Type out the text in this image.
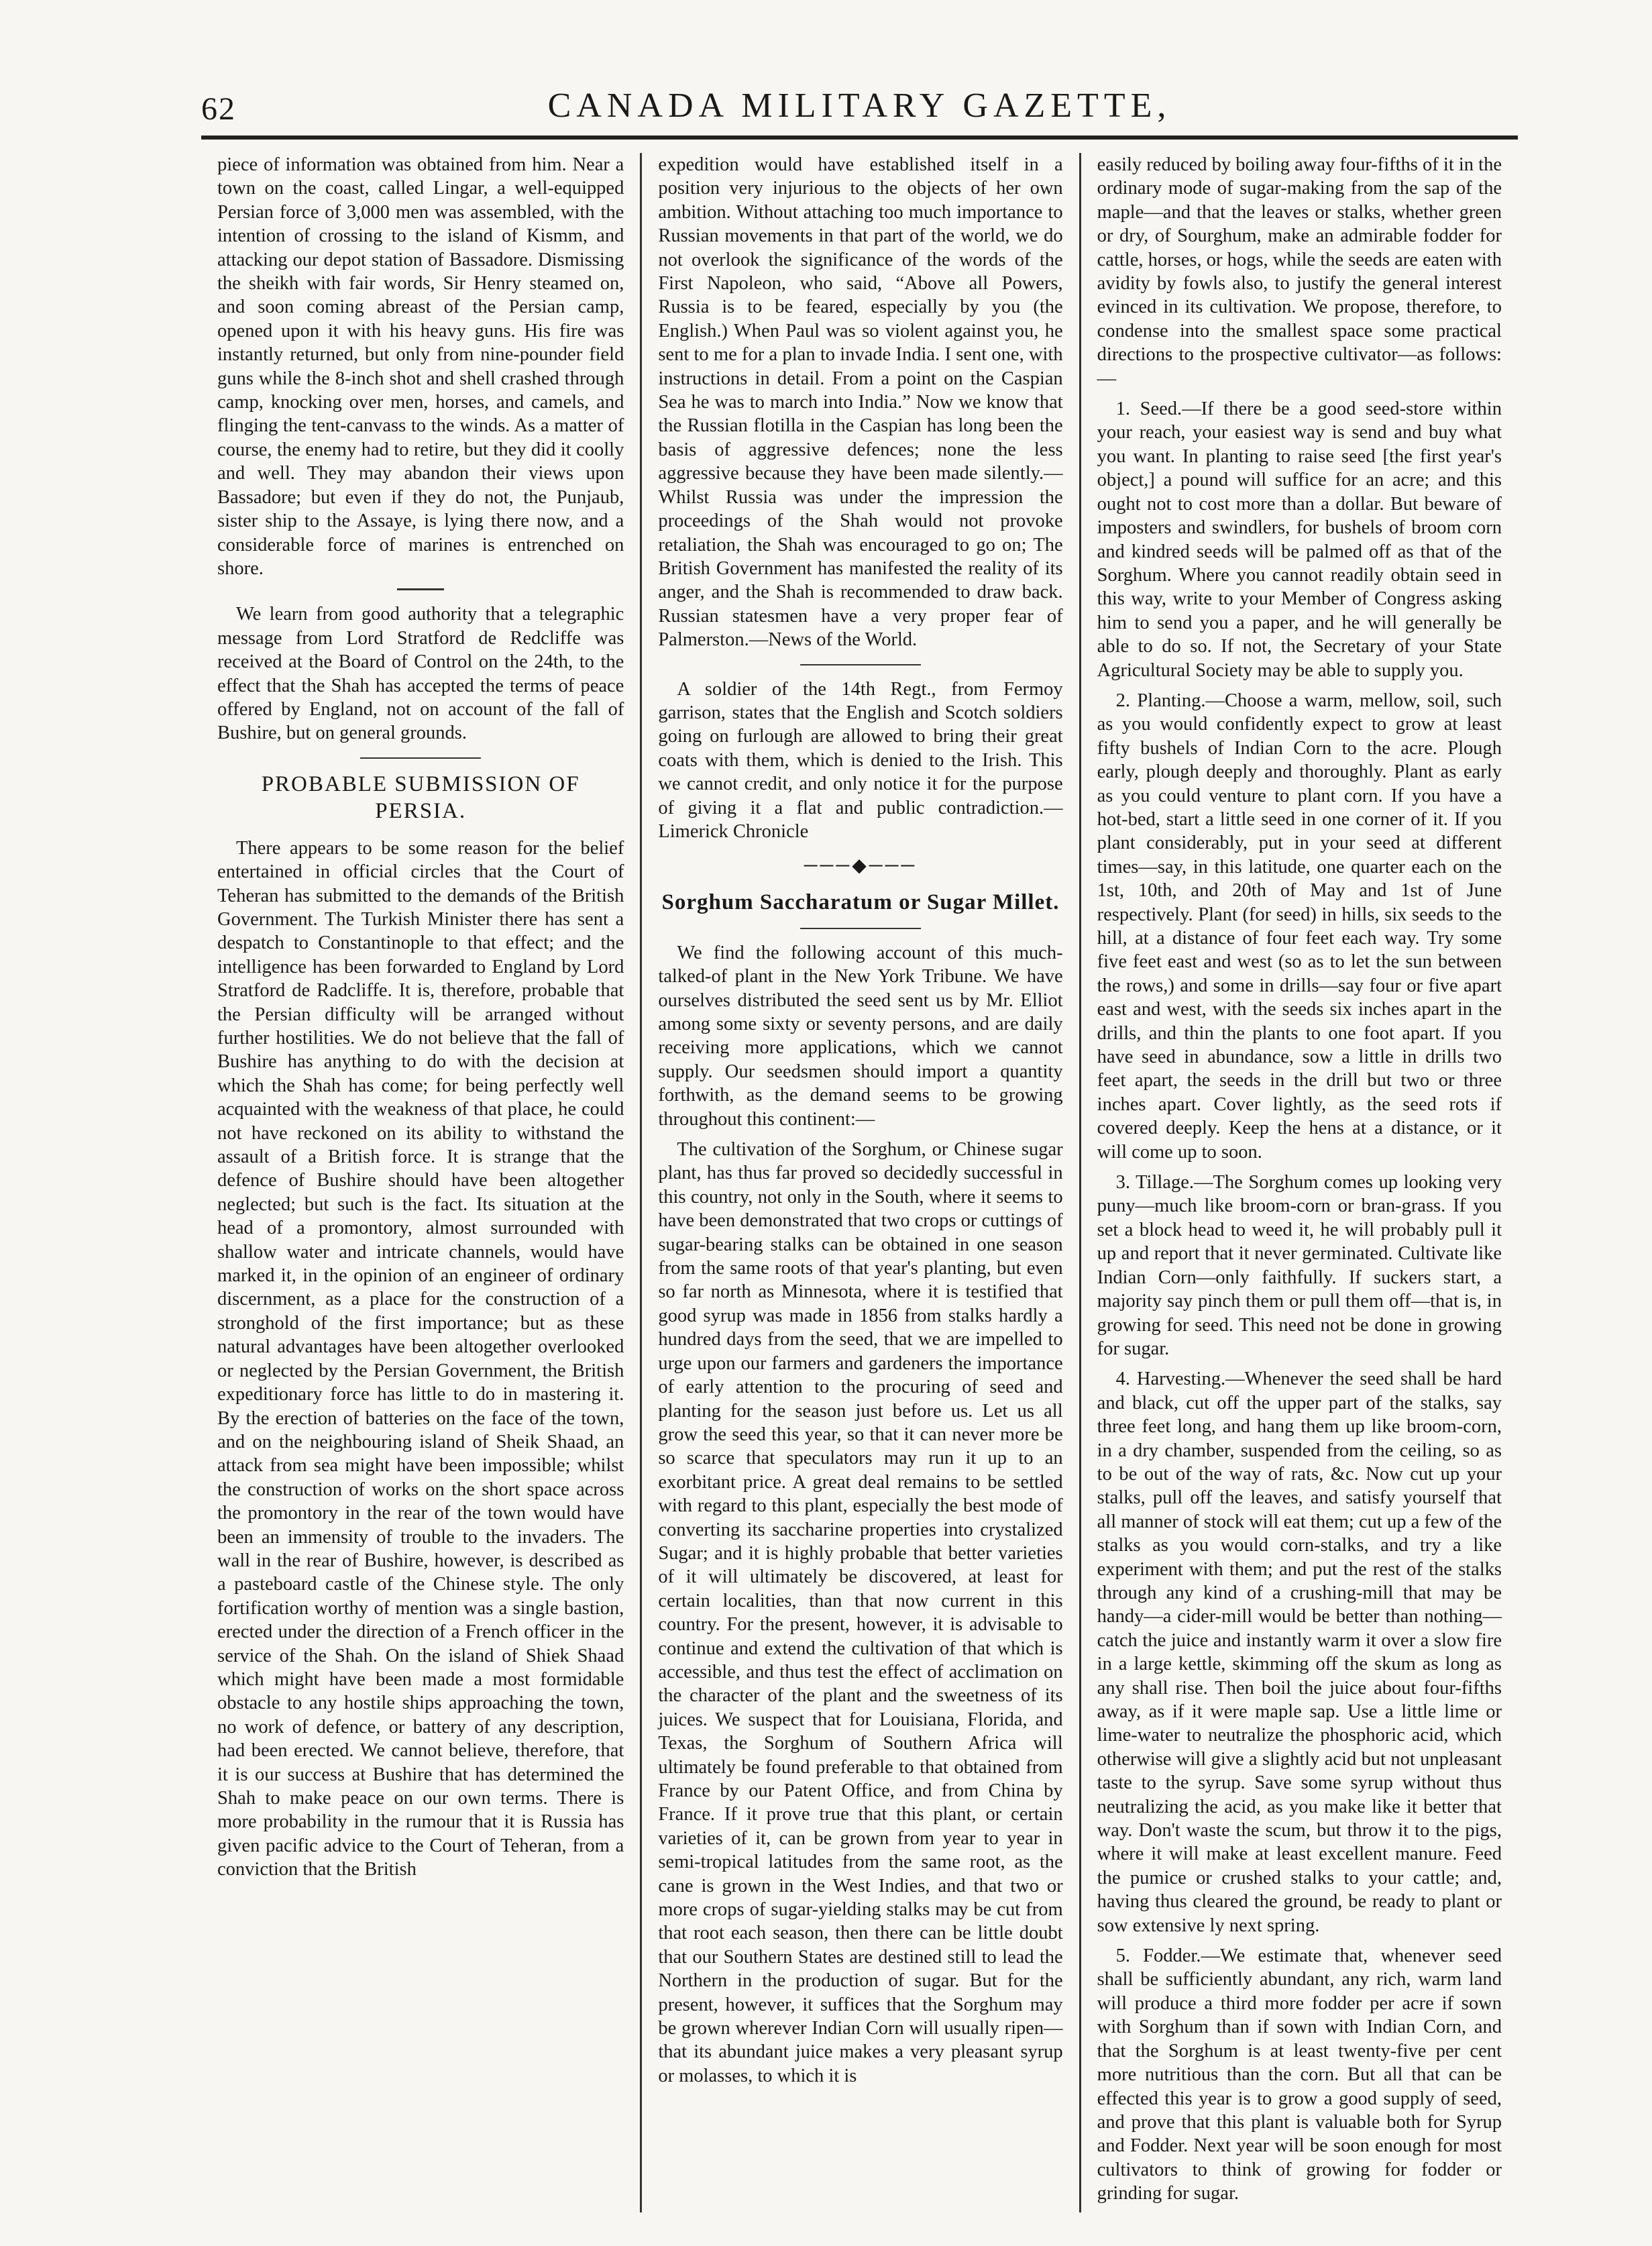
62	CANADA MILITARY GAZETTE,

piece of information was obtained from him. Near a town on the coast, called Lingar, a well-equipped Persian force of 3,000 men was assembled, with the intention of crossing to the island of Kismm, and attacking our depot station of Bassadore. Dismissing the sheikh with fair words, Sir Henry steamed on, and soon coming abreast of the Persian camp, opened upon it with his heavy guns. His fire was instantly returned, but only from nine-pounder field guns while the 8-inch shot and shell crashed through camp, knocking over men, horses, and camels, and flinging the tent-canvass to the winds. As a matter of course, the enemy had to retire, but they did it coolly and well. They may abandon their views upon Bassadore; but even if they do not, the Punjaub, sister ship to the Assaye, is lying there now, and a considerable force of marines is entrenched on shore.

We learn from good authority that a telegraphic message from Lord Stratford de Redcliffe was received at the Board of Control on the 24th, to the effect that the Shah has accepted the terms of peace offered by England, not on account of the fall of Bushire, but on general grounds.

PROBABLE SUBMISSION OF PERSIA.

There appears to be some reason for the belief entertained in official circles that the Court of Teheran has submitted to the demands of the British Government. The Turkish Minister there has sent a despatch to Constantinople to that effect; and the intelligence has been forwarded to England by Lord Stratford de Radcliffe. It is, therefore, probable that the Persian difficulty will be arranged without further hostilities. We do not believe that the fall of Bushire has anything to do with the decision at which the Shah has come; for being perfectly well acquainted with the weakness of that place, he could not have reckoned on its ability to withstand the assault of a British force. It is strange that the defence of Bushire should have been altogether neglected; but such is the fact. Its situation at the head of a promontory, almost surrounded with shallow water and intricate channels, would have marked it, in the opinion of an engineer of ordinary discernment, as a place for the construction of a stronghold of the first importance; but as these natural advantages have been altogether overlooked or neglected by the Persian Government, the British expeditionary force has little to do in mastering it. By the erection of batteries on the face of the town, and on the neighbouring island of Sheik Shaad, an attack from sea might have been impossible; whilst the construction of works on the short space across the promontory in the rear of the town would have been an immensity of trouble to the invaders. The wall in the rear of Bushire, however, is described as a pasteboard castle of the Chinese style. The only fortification worthy of mention was a single bastion, erected under the direction of a French officer in the service of the Shah. On the island of Shiek Shaad which might have been made a most formidable obstacle to any hostile ships approaching the town, no work of defence, or battery of any description, had been erected. We cannot believe, therefore, that it is our success at Bushire that has determined the Shah to make peace on our own terms. There is more probability in the rumour that it is Russia has given pacific advice to the Court of Teheran, from a conviction that the British

expedition would have established itself in a position very injurious to the objects of her own ambition. Without attaching too much importance to Russian movements in that part of the world, we do not overlook the significance of the words of the First Napoleon, who said, “Above all Powers, Russia is to be feared, especially by you (the English.) When Paul was so violent against you, he sent to me for a plan to invade India. I sent one, with instructions in detail. From a point on the Caspian Sea he was to march into India.” Now we know that the Russian flotilla in the Caspian has long been the basis of aggressive defences; none the less aggressive because they have been made silently.— Whilst Russia was under the impression the proceedings of the Shah would not provoke retaliation, the Shah was encouraged to go on; The British Government has manifested the reality of its anger, and the Shah is recommended to draw back. Russian statesmen have a very proper fear of Palmerston.—News of the World.

A soldier of the 14th Regt., from Fermoy garrison, states that the English and Scotch soldiers going on furlough are allowed to bring their great coats with them, which is denied to the Irish. This we cannot credit, and only notice it for the purpose of giving it a flat and public contradiction.—Limerick Chronicle

───◆───
Sorghum Saccharatum or Sugar Millet.

We find the following account of this much-talked-of plant in the New York Tribune. We have ourselves distributed the seed sent us by Mr. Elliot among some sixty or seventy persons, and are daily receiving more applications, which we cannot supply. Our seedsmen should import a quantity forthwith, as the demand seems to be growing throughout this continent:—

The cultivation of the Sorghum, or Chinese sugar plant, has thus far proved so decidedly successful in this country, not only in the South, where it seems to have been demonstrated that two crops or cuttings of sugar-bearing stalks can be obtained in one season from the same roots of that year's planting, but even so far north as Minnesota, where it is testified that good syrup was made in 1856 from stalks hardly a hundred days from the seed, that we are impelled to urge upon our farmers and gardeners the importance of early attention to the procuring of seed and planting for the season just before us. Let us all grow the seed this year, so that it can never more be so scarce that speculators may run it up to an exorbitant price. A great deal remains to be settled with regard to this plant, especially the best mode of converting its saccharine properties into crystalized Sugar; and it is highly probable that better varieties of it will ultimately be discovered, at least for certain localities, than that now current in this country. For the present, however, it is advisable to continue and extend the cultivation of that which is accessible, and thus test the effect of acclimation on the character of the plant and the sweetness of its juices. We suspect that for Louisiana, Florida, and Texas, the Sorghum of Southern Africa will ultimately be found preferable to that obtained from France by our Patent Office, and from China by France. If it prove true that this plant, or certain varieties of it, can be grown from year to year in semi-tropical latitudes from the same root, as the cane is grown in the West Indies, and that two or more crops of sugar-yielding stalks may be cut from that root each season, then there can be little doubt that our Southern States are destined still to lead the Northern in the production of sugar. But for the present, however, it suffices that the Sorghum may be grown wherever Indian Corn will usually ripen—that its abundant juice makes a very pleasant syrup or molasses, to which it is

easily reduced by boiling away four-fifths of it in the ordinary mode of sugar-making from the sap of the maple—and that the leaves or stalks, whether green or dry, of Sourghum, make an admirable fodder for cattle, horses, or hogs, while the seeds are eaten with avidity by fowls also, to justify the general interest evinced in its cultivation. We propose, therefore, to condense into the smallest space some practical directions to the prospective cultivator—as follows:—

1. Seed.—If there be a good seed-store within your reach, your easiest way is send and buy what you want. In planting to raise seed [the first year's object,] a pound will suffice for an acre; and this ought not to cost more than a dollar. But beware of imposters and swindlers, for bushels of broom corn and kindred seeds will be palmed off as that of the Sorghum. Where you cannot readily obtain seed in this way, write to your Member of Congress asking him to send you a paper, and he will generally be able to do so. If not, the Secretary of your State Agricultural Society may be able to supply you.

2. Planting.—Choose a warm, mellow, soil, such as you would confidently expect to grow at least fifty bushels of Indian Corn to the acre. Plough early, plough deeply and thoroughly. Plant as early as you could venture to plant corn. If you have a hot-bed, start a little seed in one corner of it. If you plant considerably, put in your seed at different times—say, in this latitude, one quarter each on the 1st, 10th, and 20th of May and 1st of June respectively. Plant (for seed) in hills, six seeds to the hill, at a distance of four feet each way. Try some five feet east and west (so as to let the sun between the rows,) and some in drills—say four or five apart east and west, with the seeds six inches apart in the drills, and thin the plants to one foot apart. If you have seed in abundance, sow a little in drills two feet apart, the seeds in the drill but two or three inches apart. Cover lightly, as the seed rots if covered deeply. Keep the hens at a distance, or it will come up to soon.

3. Tillage.—The Sorghum comes up looking very puny—much like broom-corn or bran-grass. If you set a block head to weed it, he will probably pull it up and report that it never germinated. Cultivate like Indian Corn—only faithfully. If suckers start, a majority say pinch them or pull them off—that is, in growing for seed. This need not be done in growing for sugar.

4. Harvesting.—Whenever the seed shall be hard and black, cut off the upper part of the stalks, say three feet long, and hang them up like broom-corn, in a dry chamber, suspended from the ceiling, so as to be out of the way of rats, &c. Now cut up your stalks, pull off the leaves, and satisfy yourself that all manner of stock will eat them; cut up a few of the stalks as you would corn-stalks, and try a like experiment with them; and put the rest of the stalks through any kind of a crushing-mill that may be handy—a cider-mill would be better than nothing—catch the juice and instantly warm it over a slow fire in a large kettle, skimming off the skum as long as any shall rise. Then boil the juice about four-fifths away, as if it were maple sap. Use a little lime or lime-water to neutralize the phosphoric acid, which otherwise will give a slightly acid but not unpleasant taste to the syrup. Save some syrup without thus neutralizing the acid, as you make like it better that way. Don't waste the scum, but throw it to the pigs, where it will make at least excellent manure. Feed the pumice or crushed stalks to your cattle; and, having thus cleared the ground, be ready to plant or sow extensive ly next spring.

5. Fodder.—We estimate that, whenever seed shall be sufficiently abundant, any rich, warm land will produce a third more fodder per acre if sown with Sorghum than if sown with Indian Corn, and that the Sorghum is at least twenty-five per cent more nutritious than the corn. But all that can be effected this year is to grow a good supply of seed, and prove that this plant is valuable both for Syrup and Fodder. Next year will be soon enough for most cultivators to think of growing for fodder or grinding for sugar.
